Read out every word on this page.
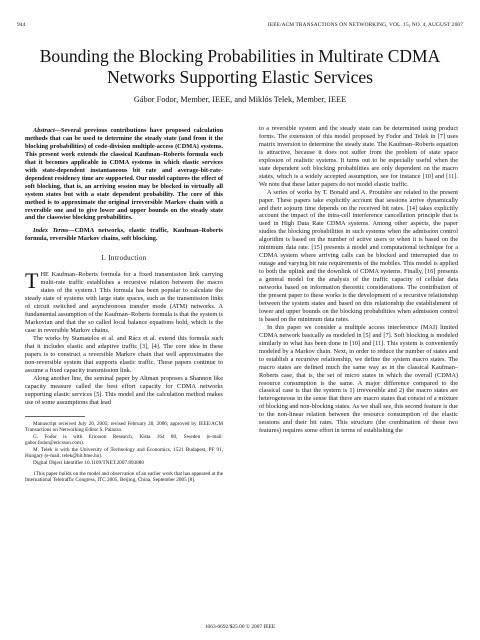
944	IEEE/ACM TRANSACTIONS ON NETWORKING, VOL. 15, NO. 4, AUGUST 2007
Bounding the Blocking Probabilities in Multirate CDMA Networks Supporting Elastic Services
Gábor Fodor, Member, IEEE, and Miklós Telek, Member, IEEE

Abstract—Several previous contributions have proposed calculation methods that can be used to determine the steady state (and from it the blocking probabilities) of code-division multiple-access (CDMA) systems. This present work extends the classical Kaufman–Roberts formula such that it becomes applicable in CDMA systems in which elastic services with state-dependent instantaneous bit rate and average-bit-rate-dependent residency time are supported. Our model captures the effect of soft blocking, that is, an arriving session may be blocked in virtually all system states but with a state dependent probability. The core of this method is to approximate the original irreversible Markov chain with a reversible one and to give lower and upper bounds on the steady state and the classwise blocking probabilities.

Index Terms—CDMA networks, elastic traffic, Kaufman–Roberts formula, reversible Markov chains, soft blocking.

I. Introduction

THE Kaufman–Roberts formula for a fixed transmission link carrying multi-rate traffic establishes a recursive relation between the macro states of the system.1 This formula has been popular to calculate the steady state of systems with large state spaces, such as the transmission links of circuit switched and asynchronous transfer mode (ATM) networks. A fundamental assumption of the Kaufman–Roberts formula is that the system is Markovian and that the so called local balance equations hold, which is the case in reversible Markov chains.

The works by Stamatelos et al. and Rácz et al. extend this formula such that it includes elastic and adaptive traffic [3], [4]. The core idea in these papers is to construct a reversible Markov chain that well approximates the non-reversible system that supports elastic traffic. These papers continue to assume a fixed capacity transmission link.

Along another line, the seminal paper by Altman proposes a Shannon like capacity measure called the best effort capacity for CDMA networks supporting elastic services [5]. This model and the calculation method makes use of some assumptions that lead

Manuscript received July 20, 2005; revised February 20, 2006; approved by IEEE/ACM Transactions on Networking Editor S. Palazzo.

G. Fodor is with Ericsson Research, Kista 164 80, Sweden (e-mail: gabor.fodor@ericsson.com).

M. Telek is with the University of Technology and Economics, 1521 Budapest, PF 91, Hungary (e-mail: telek@hit.bme.hu).

Digital Object Identifier 10.1109/TNET.2007.893880

1This paper builds on the model and observation of an earlier work that has appeared at the International Teletraffic Congress, ITC 2005, Beijing, China, September 2005 [8].

to a reversible system and the steady state can be determined using product forms. The extension of this model proposed by Fodor and Telek in [7] uses matrix inversion to determine the steady state. The Kaufman–Roberts equation is attractive, because it does not suffer from the problem of state space explosion of realistic systems. It turns out to be especially useful when the state dependent soft blocking probabilities are only dependent on the macro states, which is a widely accepted assumption, see for instance [10] and [11]. We note that these latter papers do not model elastic traffic.

A series of works by T. Bonald and A. Proutière are related to the present paper. These papers take explicitly account that sessions arrive dynamically and their sojourn time depends on the received bit rates. [14] takes explicitly account the impact of the intra-cell interference cancellation principle that is used in High Data Rate CDMA systems. Among other aspects, the paper studies the blocking probabilities in such systems when the admission control algorithm is based on the number of active users or when it is based on the minimum data rate. [15] presents a model and computational technique for a CDMA system where arriving calls can be blocked and interrupted due to outage and varying bit rate requirements of the mobiles. This model is applied to both the uplink and the downlink of CDMA systems. Finally, [16] presents a general model for the analysis of the traffic capacity of cellular data networks based on information theoretic considerations. The contribution of the present paper to these works is the development of a recursive relationship between the system states and based on this relationship the establishment of lower and upper bounds on the blocking probabilities when admission control is based on the minimum data rates.

In this paper we consider a multiple access interference (MAI) limited CDMA network basically as modeled in [5] and [7]. Soft blocking is modeled similarly to what has been done in [10] and [11]. This system is conveniently modeled by a Markov chain. Next, in order to reduce the number of states and to establish a recursive relationship, we define the system macro states. The macro states are defined much the same way as in the classical Kaufman–Roberts case, that is, the set of micro states in which the overall (CDMA) resource consumption is the same. A major difference compared to the classical case is that the system is 1) irreversible and 2) the macro states are heterogeneous in the sense that there are macro states that consist of a mixture of blocking and non-blocking states. As we shall see, this second feature is due to the non-linear relation between the resource consumption of the elastic sessions and their bit rates. This structure (the combination of these two features) requires some effort in terms of establishing the

1063-6692/$25.00 © 2007 IEEE
